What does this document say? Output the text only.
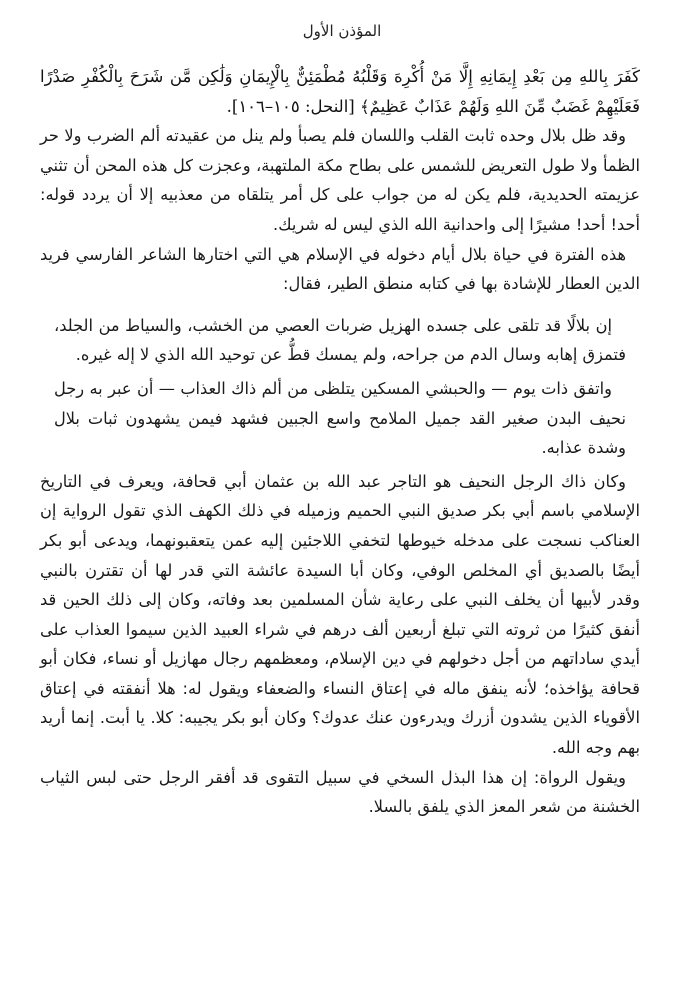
المؤذن الأول

كَفَرَ بِاللهِ مِن بَعْدِ إِيمَانِهِ إِلَّا مَنْ أُكْرِهَ وَقَلْبُهُ مُطْمَئِنٌّ بِالْإِيمَانِ وَلَٰكِن مَّن شَرَحَ بِالْكُفْرِ صَدْرًا فَعَلَيْهِمْ غَضَبٌ مِّنَ اللهِ وَلَهُمْ عَذَابٌ عَظِيمٌ﴾ [النحل: ١٠٥–١٠٦].

وقد ظل بلال وحده ثابت القلب واللسان فلم يصبأ ولم ينل من عقيدته ألم الضرب ولا حر الظمأ ولا طول التعريض للشمس على بطاح مكة الملتهبة، وعجزت كل هذه المحن أن تثني عزيمته الحديدية، فلم يكن له من جواب على كل أمر يتلقاه من معذبيه إلا أن يردد قوله: أحد! أحد! مشيرًا إلى واحدانية الله الذي ليس له شريك.

هذه الفترة في حياة بلال أيام دخوله في الإسلام هي التي اختارها الشاعر الفارسي فريد الدين العطار للإشادة بها في كتابه منطق الطير، فقال:

إن بلالًا قد تلقى على جسده الهزيل ضربات العصي من الخشب، والسياط من الجلد، فتمزق إهابه وسال الدم من جراحه، ولم يمسك قطُّ عن توحيد الله الذي لا إله غيره.

واتفق ذات يوم — والحبشي المسكين يتلظى من ألم ذاك العذاب — أن عبر به رجل نحيف البدن صغير القد جميل الملامح واسع الجبين فشهد فيمن يشهدون ثبات بلال وشدة عذابه.

وكان ذاك الرجل النحيف هو التاجر عبد الله بن عثمان أبي قحافة، ويعرف في التاريخ الإسلامي باسم أبي بكر صديق النبي الحميم وزميله في ذلك الكهف الذي تقول الرواية إن العناكب نسجت على مدخله خيوطها لتخفي اللاجئين إليه عمن يتعقبونهما، ويدعى أبو بكر أيضًا بالصديق أي المخلص الوفي، وكان أبا السيدة عائشة التي قدر لها أن تقترن بالنبي وقدر لأبيها أن يخلف النبي على رعاية شأن المسلمين بعد وفاته، وكان إلى ذلك الحين قد أنفق كثيرًا من ثروته التي تبلغ أربعين ألف درهم في شراء العبيد الذين سيموا العذاب على أيدي ساداتهم من أجل دخولهم في دين الإسلام، ومعظمهم رجال مهازيل أو نساء، فكان أبو قحافة يؤاخذه؛ لأنه ينفق ماله في إعتاق النساء والضعفاء ويقول له: هلا أنفقته في إعتاق الأقوياء الذين يشدون أزرك ويدرءون عنك عدوك؟ وكان أبو بكر يجيبه: كلا. يا أبت. إنما أريد بهم وجه الله.

ويقول الرواة: إن هذا البذل السخي في سبيل التقوى قد أفقر الرجل حتى لبس الثياب الخشنة من شعر المعز الذي يلفق بالسلا.
